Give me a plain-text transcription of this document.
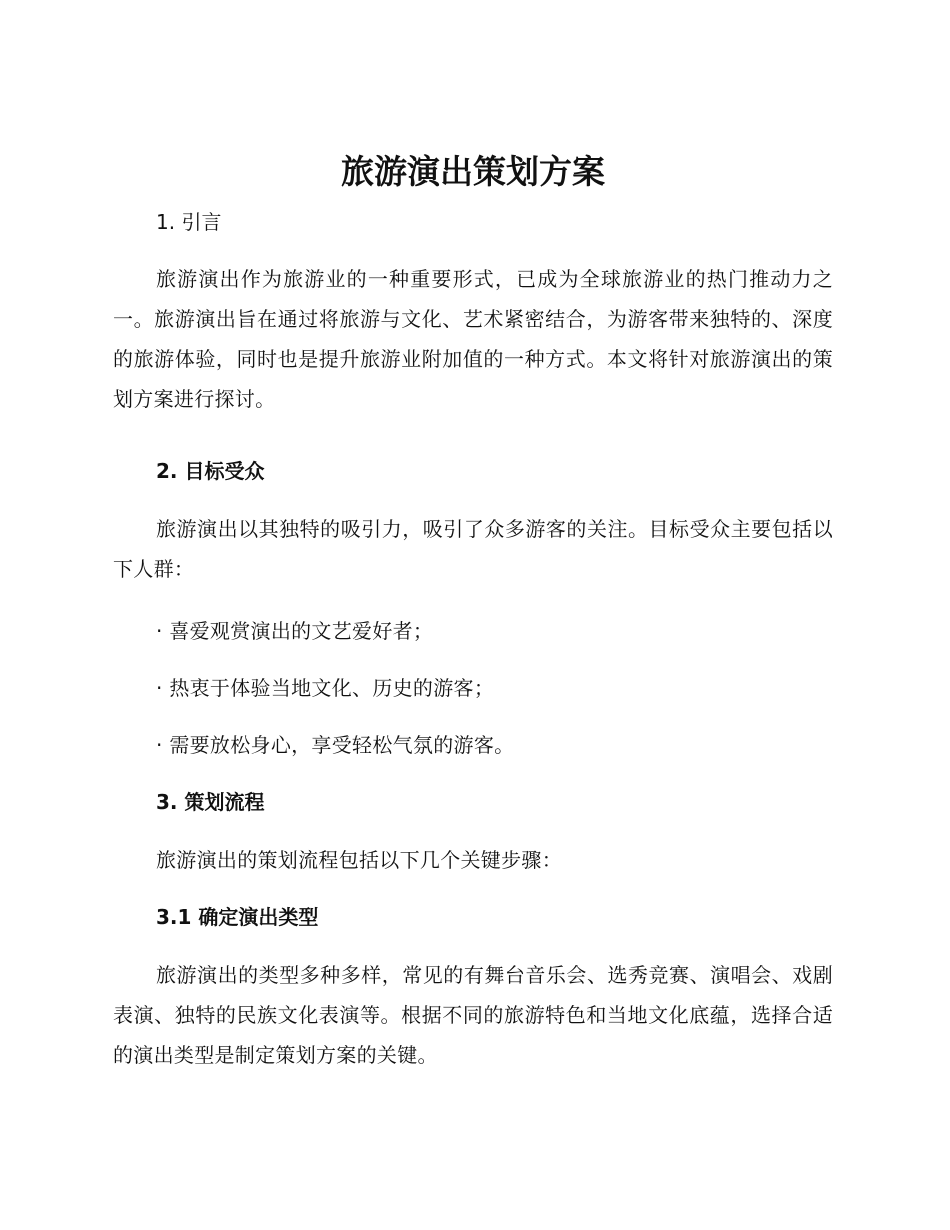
旅游演出策划方案
1. 引言

旅游演出作为旅游业的一种重要形式，已成为全球旅游业的热门推动力之一。旅游演出旨在通过将旅游与文化、艺术紧密结合，为游客带来独特的、深度的旅游体验，同时也是提升旅游业附加值的一种方式。本文将针对旅游演出的策划方案进行探讨。

2. 目标受众

旅游演出以其独特的吸引力，吸引了众多游客的关注。目标受众主要包括以下人群：

· 喜爱观赏演出的文艺爱好者；
· 热衷于体验当地文化、历史的游客；
· 需要放松身心，享受轻松气氛的游客。
3. 策划流程

旅游演出的策划流程包括以下几个关键步骤：

3.1 确定演出类型

旅游演出的类型多种多样，常见的有舞台音乐会、选秀竞赛、演唱会、戏剧表演、独特的民族文化表演等。根据不同的旅游特色和当地文化底蕴，选择合适的演出类型是制定策划方案的关键。
